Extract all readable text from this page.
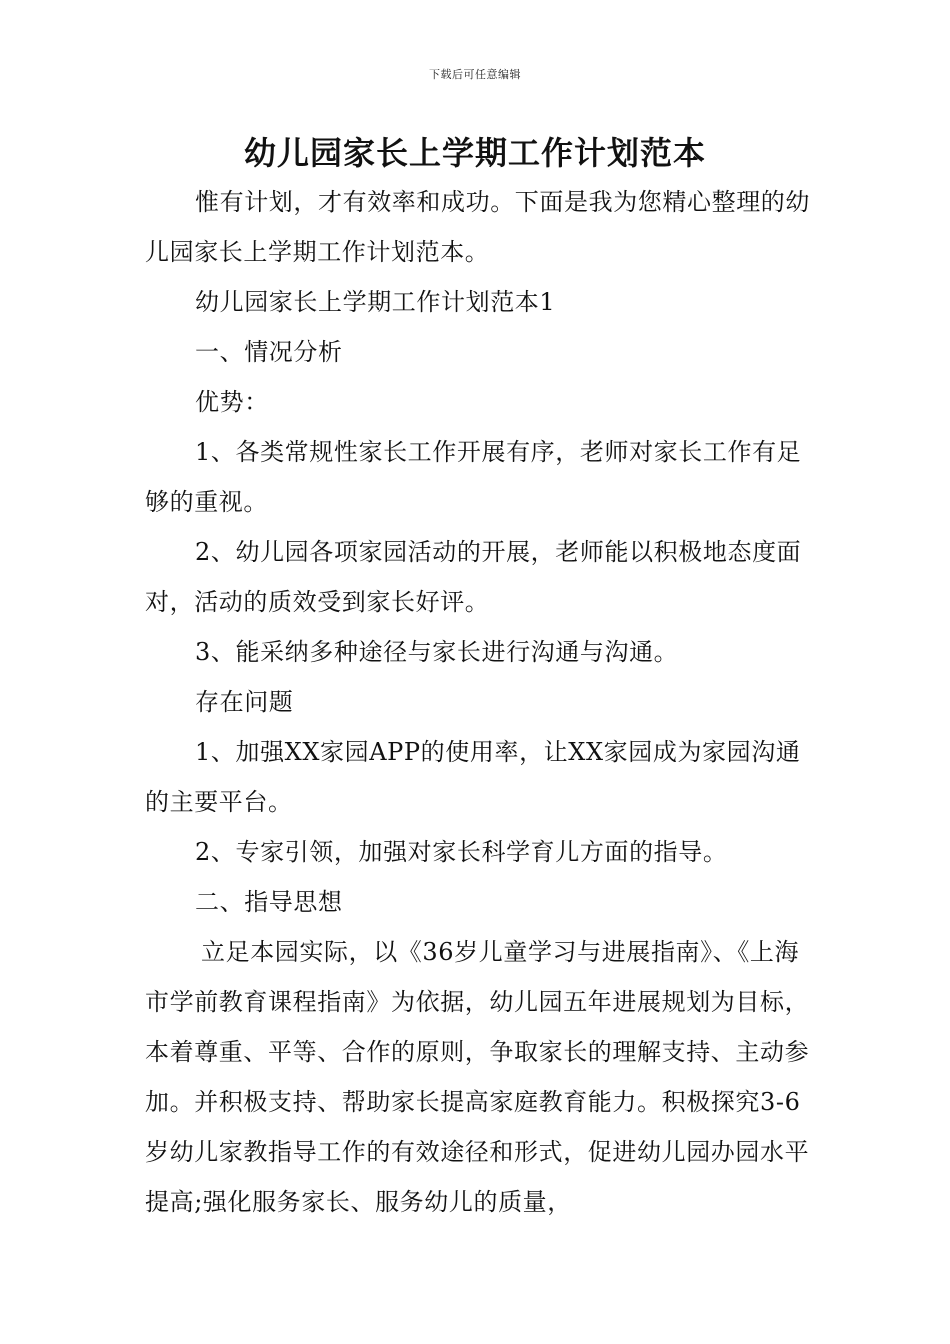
下载后可任意编辑
幼儿园家长上学期工作计划范本

惟有计划，才有效率和成功。下面是我为您精心整理的幼儿园家长上学期工作计划范本。

幼儿园家长上学期工作计划范本1

一、情况分析

优势：

1、各类常规性家长工作开展有序，老师对家长工作有足够的重视。

2、幼儿园各项家园活动的开展，老师能以积极地态度面对，活动的质效受到家长好评。

3、能采纳多种途径与家长进行沟通与沟通。

存在问题

1、加强XX家园APP的使用率，让XX家园成为家园沟通的主要平台。

2、专家引领，加强对家长科学育儿方面的指导。

二、指导思想

立足本园实际，以《36岁儿童学习与进展指南》、《上海市学前教育课程指南》为依据，幼儿园五年进展规划为目标，本着尊重、平等、合作的原则，争取家长的理解支持、主动参加。并积极支持、帮助家长提高家庭教育能力。积极探究3-6岁幼儿家教指导工作的有效途径和形式，促进幼儿园办园水平提高;强化服务家长、服务幼儿的质量，
